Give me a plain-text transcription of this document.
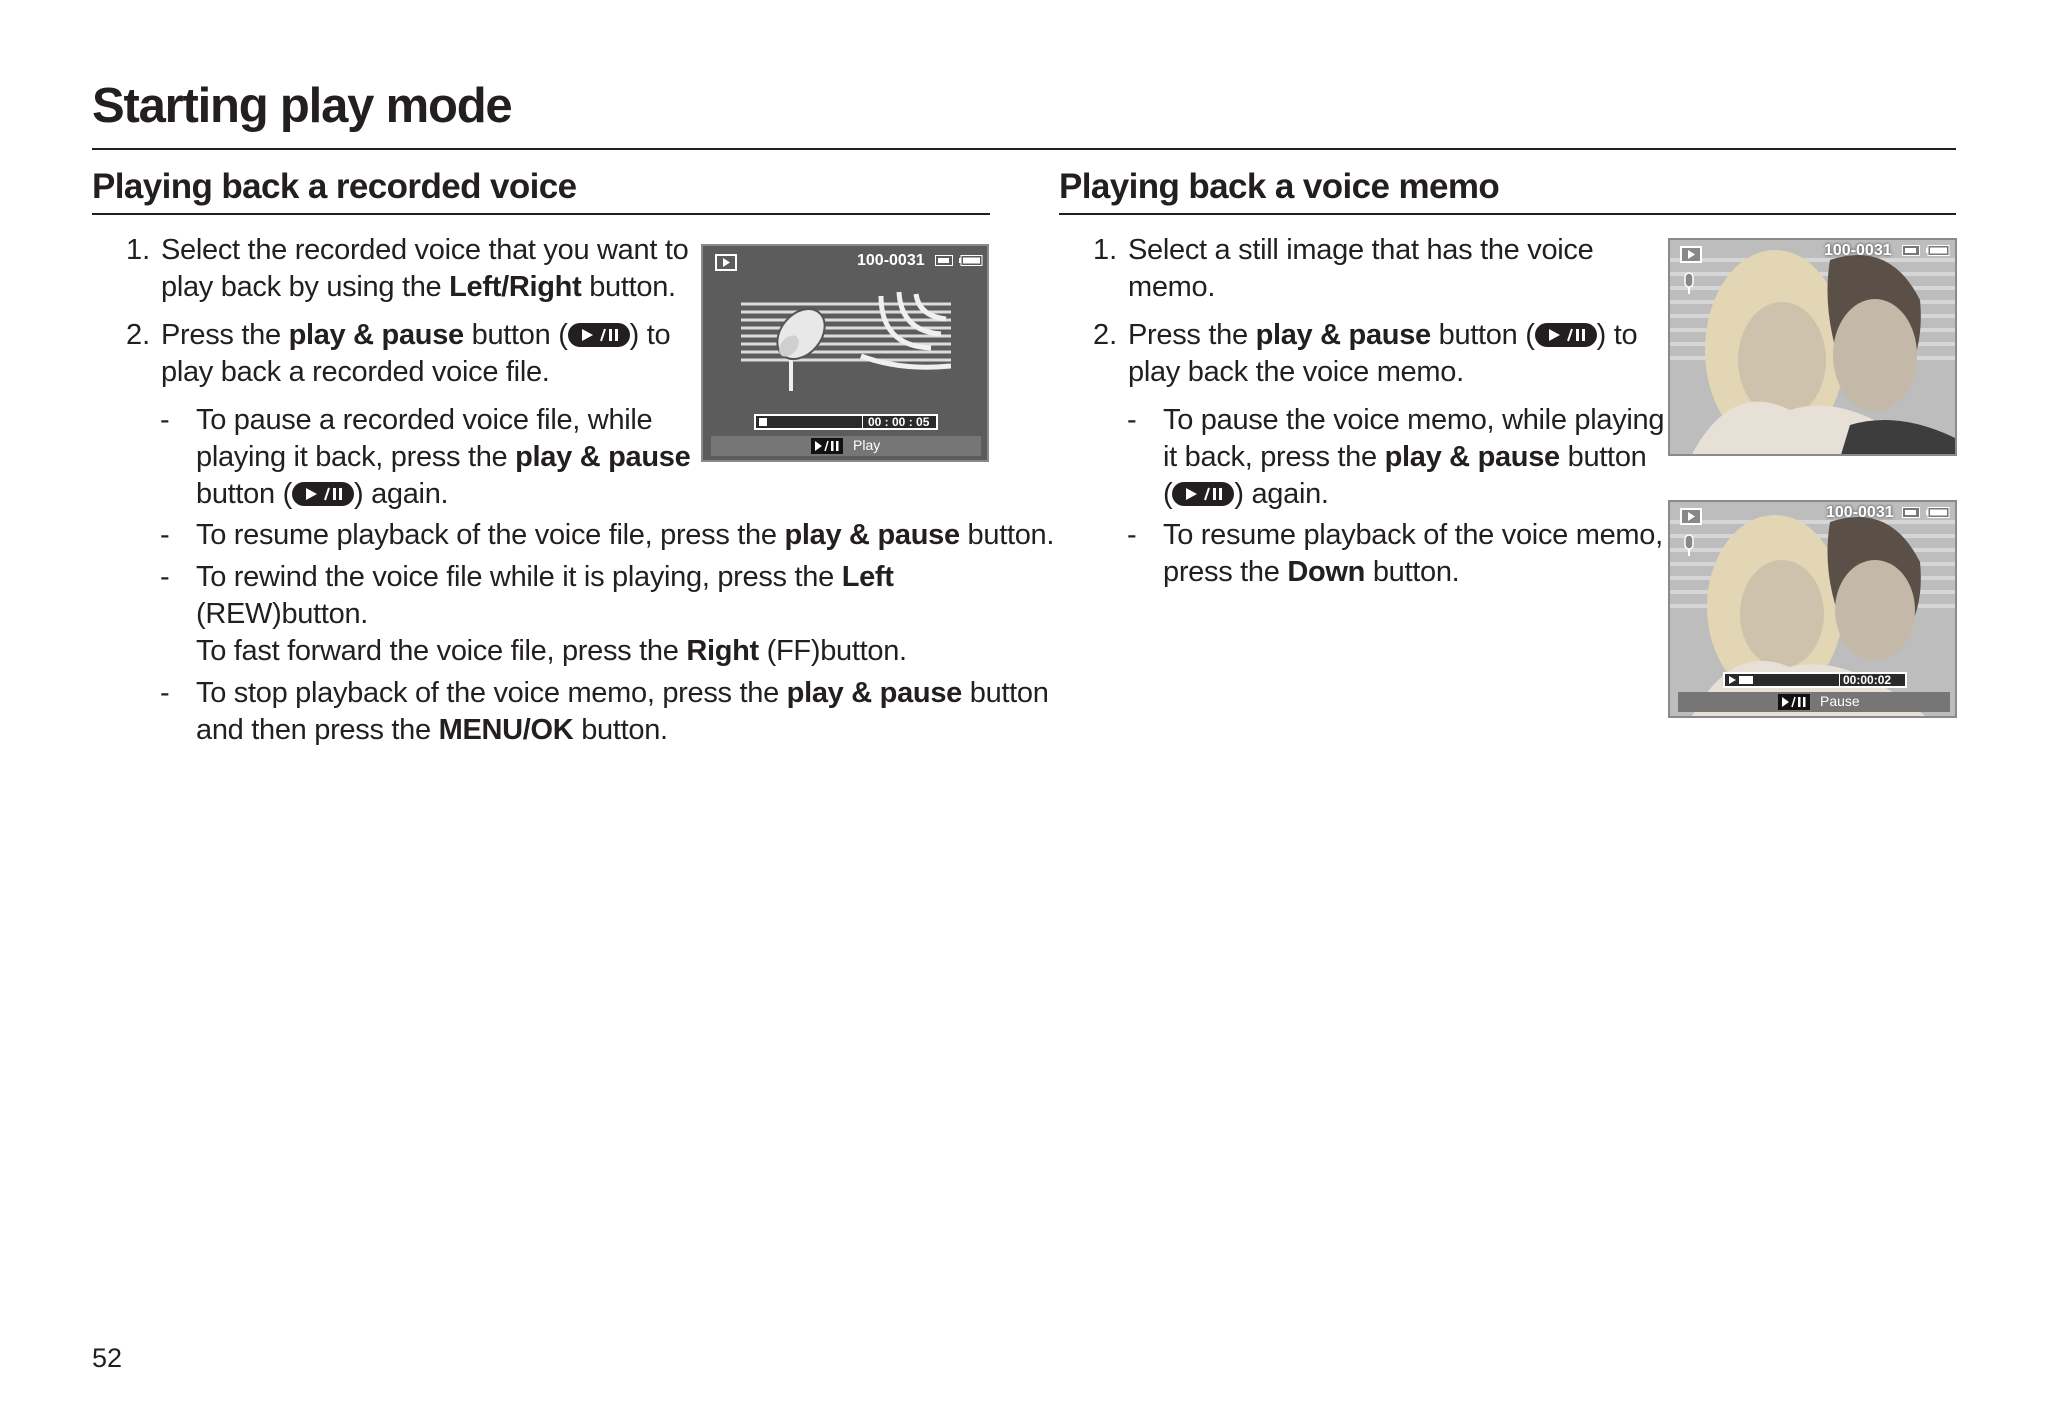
Starting play mode
Playing back a recorded voice
1. Select the recorded voice that you want to
play back by using the Left/Right button.
2. Press the play & pause button ( ) to
play back a recorded voice file.
- To pause a recorded voice file, while
playing it back, press the play & pause
button ( ) again.
- To resume playback of the voice file, press the play & pause button.
- To rewind the voice file while it is playing, press the Left
(REW)button.
To fast forward the voice file, press the Right (FF)button.
- To stop playback of the voice memo, press the play & pause button
and then press the MENU/OK button.
100-0031
00 : 00 : 05
Play
Playing back a voice memo
1. Select a still image that has the voice
memo.
2. Press the play & pause button ( ) to
play back the voice memo.
- To pause the voice memo, while playing
it back, press the play & pause button
( ) again.
- To resume playback of the voice memo,
press the Down button.
100-0031
100-0031
00:00:02
Pause
52
